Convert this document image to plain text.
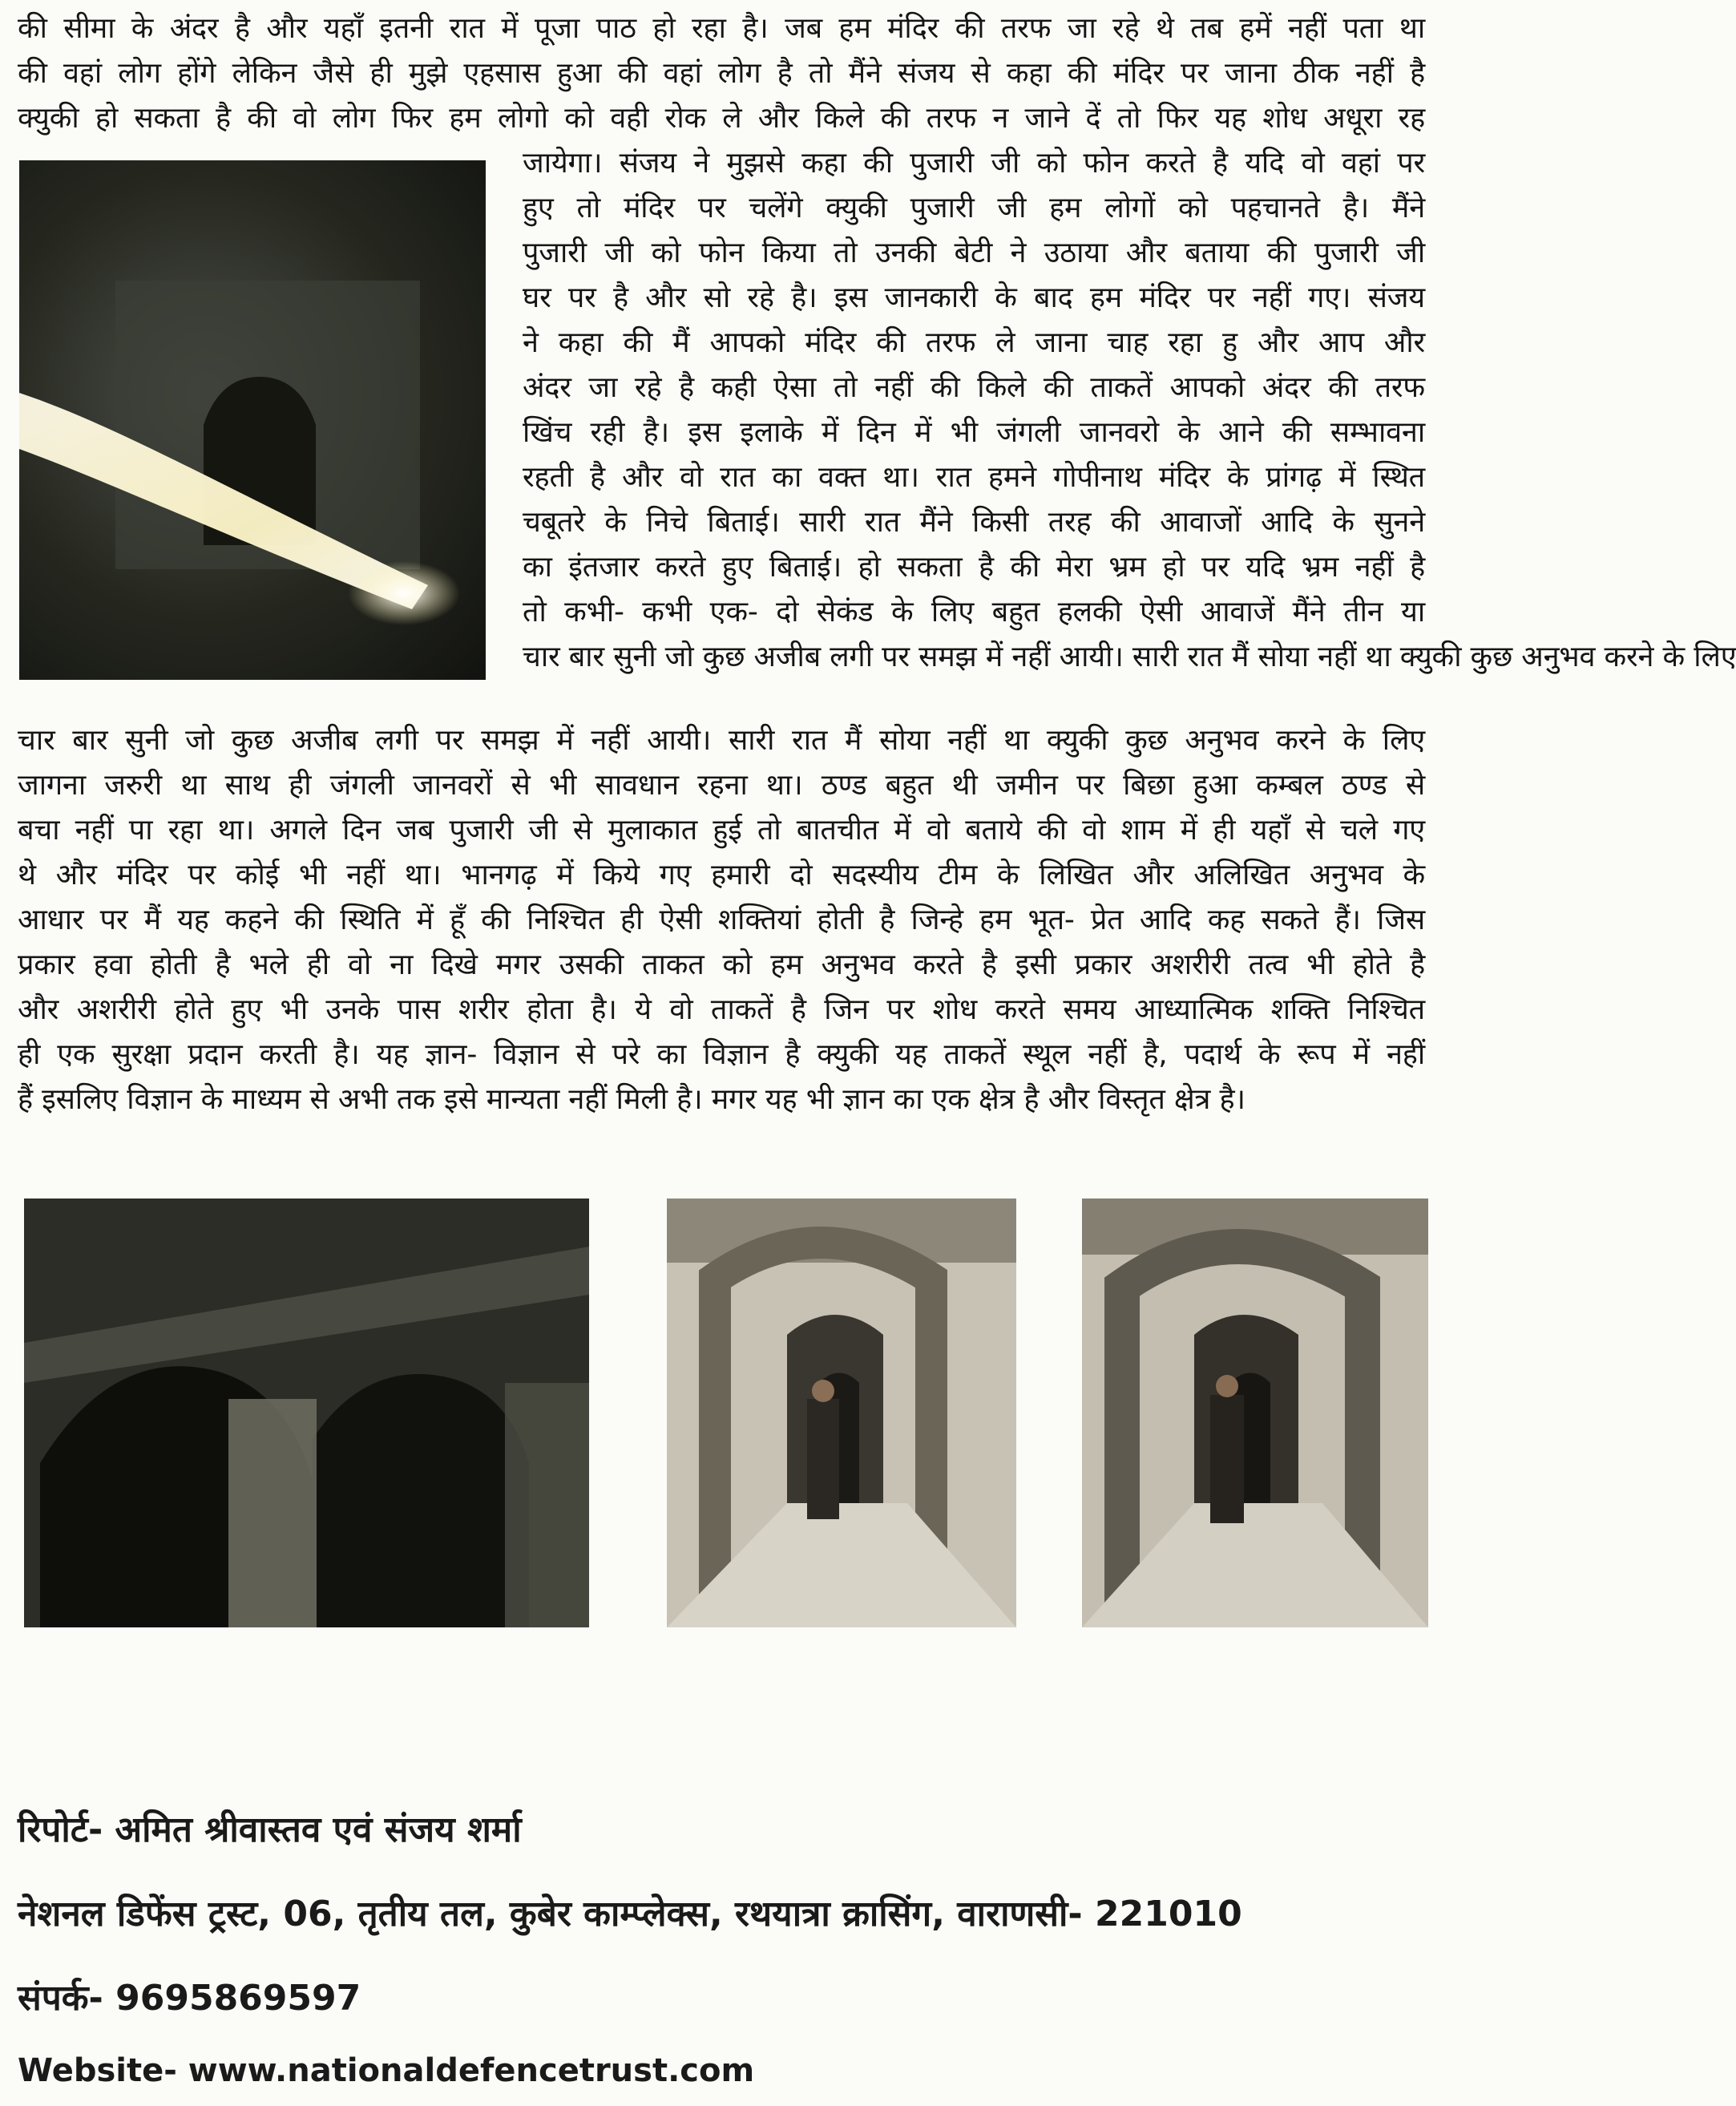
की सीमा के अंदर है और यहाँ इतनी रात में पूजा पाठ हो रहा है। जब हम मंदिर की तरफ जा रहे थे तब हमें नहीं पता था
की वहां लोग होंगे लेकिन जैसे ही मुझे एहसास हुआ की वहां लोग है तो मैंने संजय से कहा की मंदिर पर जाना ठीक नहीं है
क्युकी हो सकता है की वो लोग फिर हम लोगो को वही रोक ले और किले की तरफ न जाने दें तो फिर यह शोध अधूरा रह
जायेगा। संजय ने मुझसे कहा की पुजारी जी को फोन करते है यदि वो वहां पर
हुए तो मंदिर पर चलेंगे क्युकी पुजारी जी हम लोगों को पहचानते है। मैंने
पुजारी जी को फोन किया तो उनकी बेटी ने उठाया और बताया की पुजारी जी
घर पर है और सो रहे है। इस जानकारी के बाद हम मंदिर पर नहीं गए। संजय
ने कहा की मैं आपको मंदिर की तरफ ले जाना चाह रहा हु और आप और
अंदर जा रहे है कही ऐसा तो नहीं की किले की ताकतें आपको अंदर की तरफ
खिंच रही है। इस इलाके में दिन में भी जंगली जानवरो के आने की सम्भावना
रहती है और वो रात का वक्त था। रात हमने गोपीनाथ मंदिर के प्रांगढ़ में स्थित
चबूतरे के निचे बिताई। सारी रात मैंने किसी तरह की आवाजों आदि के सुनने
का इंतजार करते हुए बिताई। हो सकता है की मेरा भ्रम हो पर यदि भ्रम नहीं है
तो कभी- कभी एक- दो सेकंड के लिए बहुत हलकी ऐसी आवाजें मैंने तीन या
चार बार सुनी जो कुछ अजीब लगी पर समझ में नहीं आयी। सारी रात मैं सोया नहीं था क्युकी कुछ अनुभव करने के लिए
चार बार सुनी जो कुछ अजीब लगी पर समझ में नहीं आयी। सारी रात मैं सोया नहीं था क्युकी कुछ अनुभव करने के लिए
जागना जरुरी था साथ ही जंगली जानवरों से भी सावधान रहना था। ठण्ड बहुत थी जमीन पर बिछा हुआ कम्बल ठण्ड से
बचा नहीं पा रहा था। अगले दिन जब पुजारी जी से मुलाकात हुई तो बातचीत में वो बताये की वो शाम में ही यहाँ से चले गए
थे और मंदिर पर कोई भी नहीं था। भानगढ़ में किये गए हमारी दो सदस्यीय टीम के लिखित और अलिखित अनुभव के
आधार पर मैं यह कहने की स्थिति में हूँ की निश्चित ही ऐसी शक्तियां होती है जिन्हे हम भूत- प्रेत आदि कह सकते हैं। जिस
प्रकार हवा होती है भले ही वो ना दिखे मगर उसकी ताकत को हम अनुभव करते है इसी प्रकार अशरीरी तत्व भी होते है
और अशरीरी होते हुए भी उनके पास शरीर होता है। ये वो ताकतें है जिन पर शोध करते समय आध्यात्मिक शक्ति निश्चित
ही एक सुरक्षा प्रदान करती है। यह ज्ञान- विज्ञान से परे का विज्ञान है क्युकी यह ताकतें स्थूल नहीं है, पदार्थ के रूप में नहीं
हैं इसलिए विज्ञान के माध्यम से अभी तक इसे मान्यता नहीं मिली है। मगर यह भी ज्ञान का एक क्षेत्र है और विस्तृत क्षेत्र है।
रिपोर्ट- अमित श्रीवास्तव एवं संजय शर्मा
नेशनल डिफेंस ट्रस्ट, 06, तृतीय तल, कुबेर काम्प्लेक्स, रथयात्रा क्रासिंग, वाराणसी- 221010
संपर्क- 9695869597
Website- www.nationaldefencetrust.com
